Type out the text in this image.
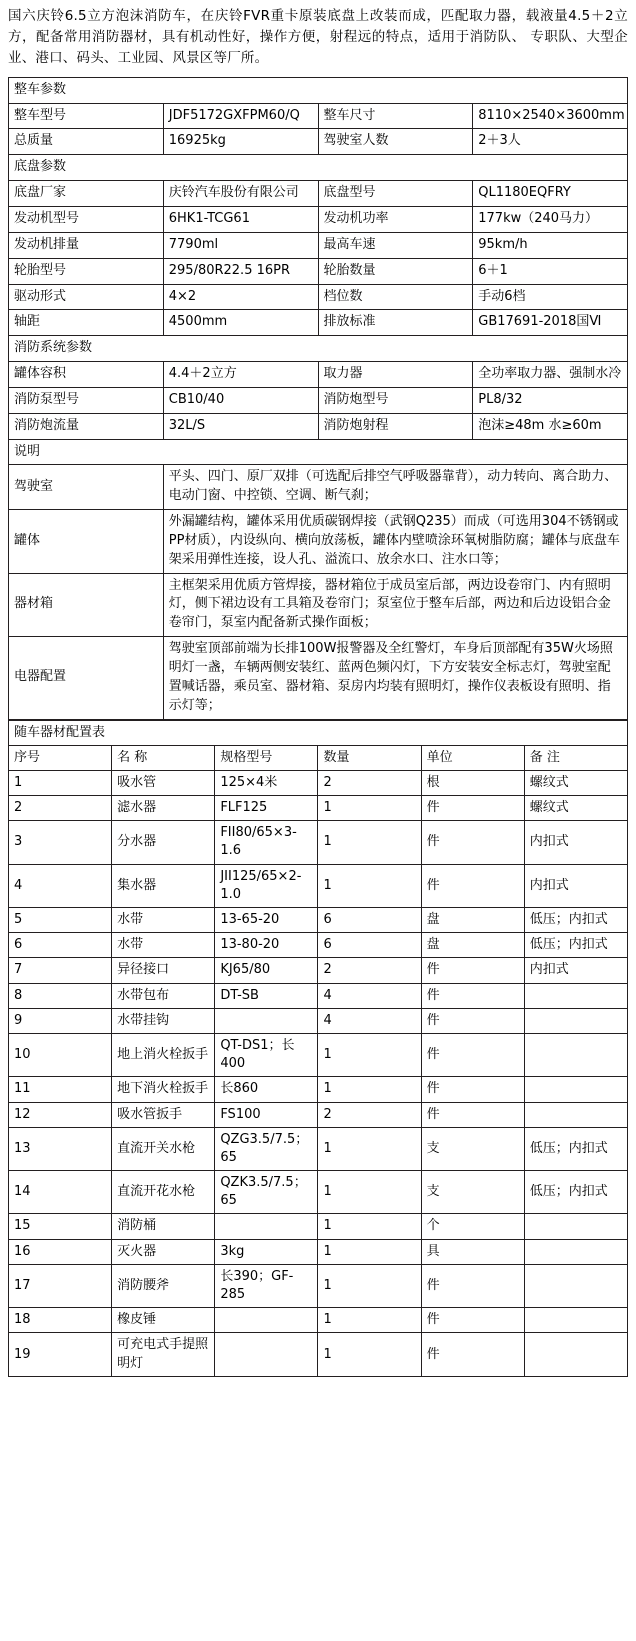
国六庆铃6.5立方泡沫消防车，在庆铃FVR重卡原装底盘上改装而成，匹配取力器，载液量4.5＋2立方，配备常用消防器材，具有机动性好，操作方便，射程远的特点，适用于消防队、 专职队、大型企业、港口、码头、工业园、风景区等厂所。
整车参数			
整车型号	JDF5172GXFPM60/Q	整车尺寸	8110×2540×3600mm
总质量	16925kg	驾驶室人数	2＋3人
底盘参数			
底盘厂家	庆铃汽车股份有限公司	底盘型号	QL1180EQFRY
发动机型号	6HK1-TCG61	发动机功率	177kw（240马力）
发动机排量	7790ml	最高车速	95km/h
轮胎型号	295/80R22.5 16PR	轮胎数量	6＋1
驱动形式	4×2	档位数	手动6档
轴距	4500mm	排放标准	GB17691-2018国Ⅵ
消防系统参数			
罐体容积	4.4＋2立方	取力器	全功率取力器、强制水冷
消防泵型号	CB10/40	消防炮型号	PL8/32
消防炮流量	32L/S	消防炮射程	泡沫≥48m 水≥60m
说明			
驾驶室	平头、四门、原厂双排（可选配后排空气呼吸器靠背），动力转向、离合助力、电动门窗、中控锁、空调、断气刹；		
罐体	外漏罐结构，罐体采用优质碳钢焊接（武钢Q235）而成（可选用304不锈钢或PP材质），内设纵向、横向放荡板，罐体内壁喷涂环氧树脂防腐；罐体与底盘车架采用弹性连接，设人孔、溢流口、放余水口、注水口等；		
器材箱	主框架采用优质方管焊接，器材箱位于成员室后部，两边设卷帘门、内有照明灯，侧下裙边设有工具箱及卷帘门；泵室位于整车后部，两边和后边设铝合金卷帘门，泵室内配备新式操作面板；		
电器配置	驾驶室顶部前端为长排100W报警器及全红警灯，车身后顶部配有35W火场照明灯一盏，车辆两侧安装红、蓝两色频闪灯，下方安装安全标志灯，驾驶室配置喊话器，乘员室、器材箱、泵房内均装有照明灯，操作仪表板设有照明、指示灯等；		
随车器材配置表					
序号	名 称	规格型号	数量	单位	备 注
1	吸水管	125×4米	2	根	螺纹式
2	滤水器	FLF125	1	件	螺纹式
3	分水器	FII80/65×3-1.6	1	件	内扣式
4	集水器	JII125/65×2-1.0	1	件	内扣式
5	水带	13-65-20	6	盘	低压；内扣式
6	水带	13-80-20	6	盘	低压；内扣式
7	异径接口	KJ65/80	2	件	内扣式
8	水带包布	DT-SB	4	件	
9	水带挂钩		4	件	
10	地上消火栓扳手	QT-DS1；长400	1	件	
11	地下消火栓扳手	长860	1	件	
12	吸水管扳手	FS100	2	件	
13	直流开关水枪	QZG3.5/7.5；65	1	支	低压；内扣式
14	直流开花水枪	QZK3.5/7.5；65	1	支	低压；内扣式
15	消防桶		1	个	
16	灭火器	3kg	1	具	
17	消防腰斧	长390；GF-285	1	件	
18	橡皮锤		1	件	
19	可充电式手提照明灯		1	件	
